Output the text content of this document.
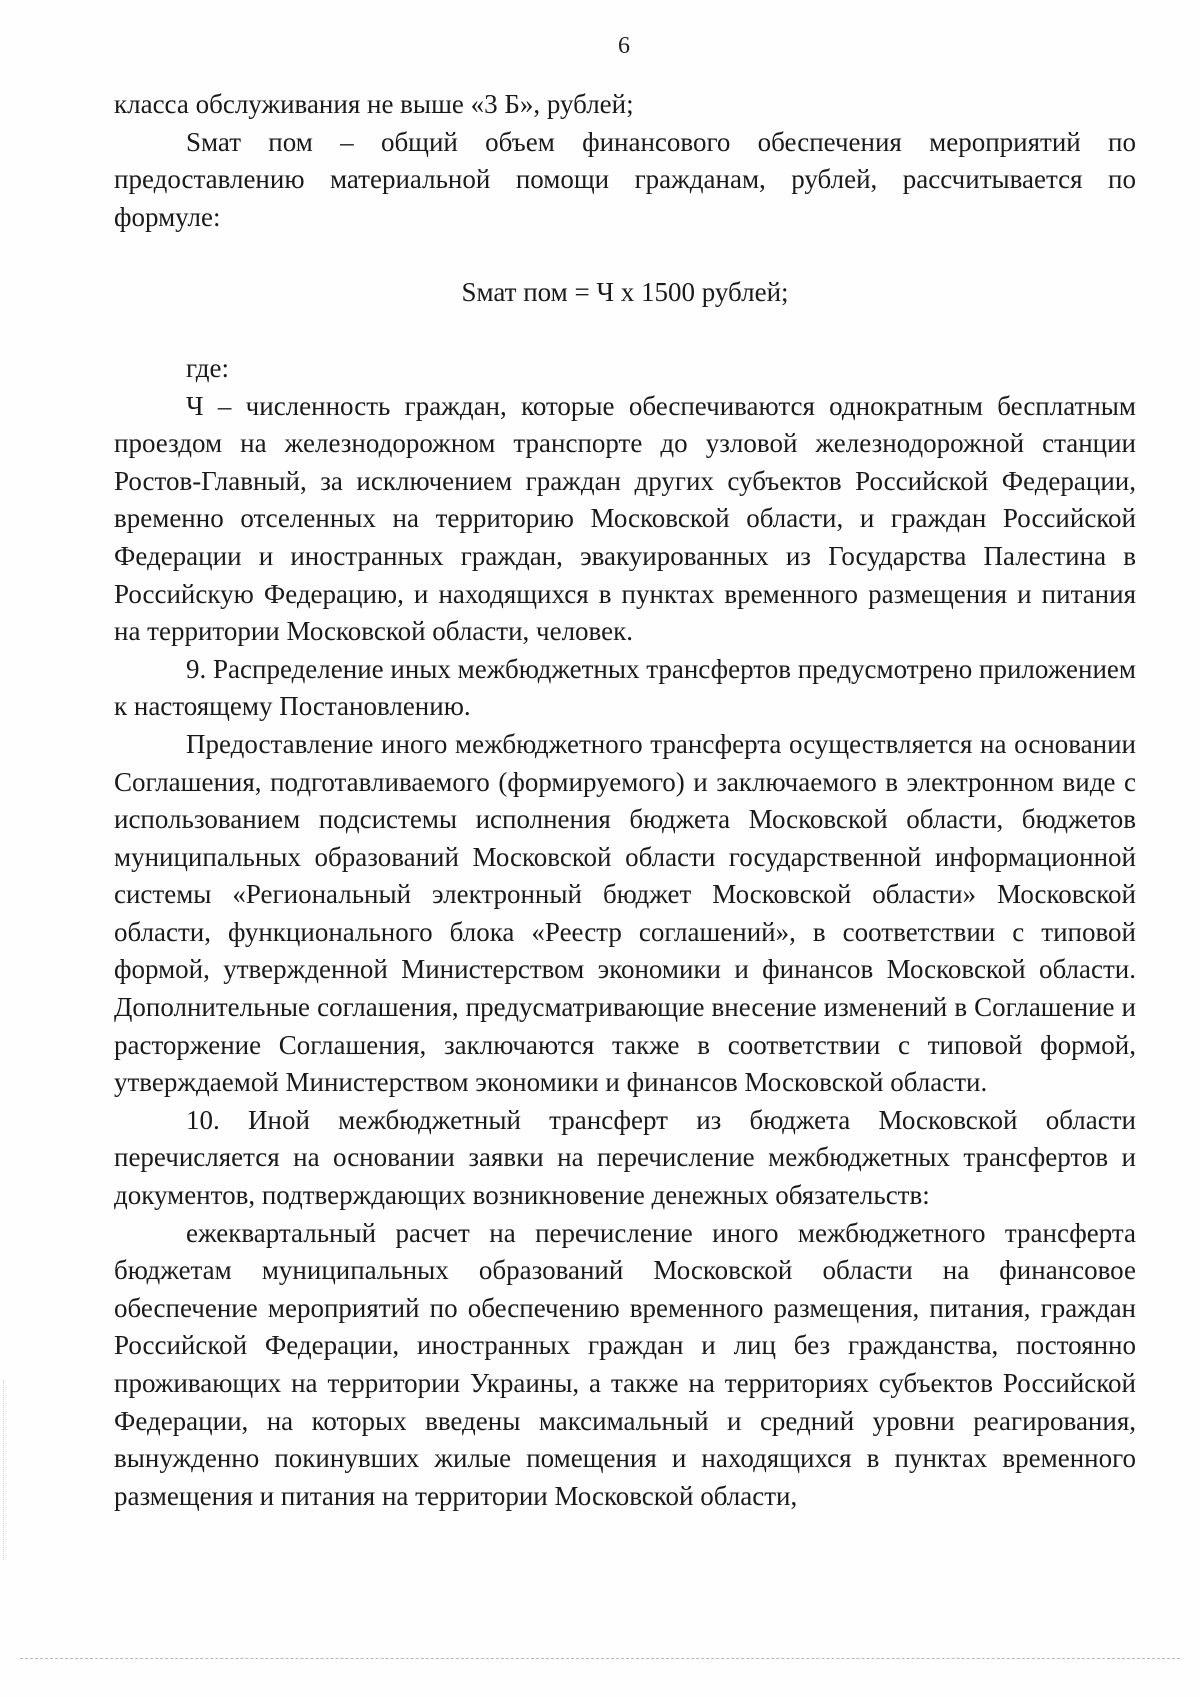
6

класса обслуживания не выше «3 Б», рублей;

Sмат пом – общий объем финансового обеспечения мероприятий по предоставлению материальной помощи гражданам, рублей, рассчитывается по формуле:

Sмат пом = Ч х 1500 рублей;

где:

Ч – численность граждан, которые обеспечиваются однократным бесплатным проездом на железнодорожном транспорте до узловой железнодорожной станции Ростов-Главный, за исключением граждан других субъектов Российской Федерации, временно отселенных на территорию Московской области, и граждан Российской Федерации и иностранных граждан, эвакуированных из Государства Палестина в Российскую Федерацию, и находящихся в пунктах временного размещения и питания на территории Московской области, человек.

9. Распределение иных межбюджетных трансфертов предусмотрено приложением к настоящему Постановлению.

Предоставление иного межбюджетного трансферта осуществляется на основании Соглашения, подготавливаемого (формируемого) и заключаемого в электронном виде с использованием подсистемы исполнения бюджета Московской области, бюджетов муниципальных образований Московской области государственной информационной системы «Региональный электронный бюджет Московской области» Московской области, функционального блока «Реестр соглашений», в соответствии с типовой формой, утвержденной Министерством экономики и финансов Московской области. Дополнительные соглашения, предусматривающие внесение изменений в Соглашение и расторжение Соглашения, заключаются также в соответствии с типовой формой, утверждаемой Министерством экономики и финансов Московской области.

10. Иной межбюджетный трансферт из бюджета Московской области перечисляется на основании заявки на перечисление межбюджетных трансфертов и документов, подтверждающих возникновение денежных обязательств:

ежеквартальный расчет на перечисление иного межбюджетного трансферта бюджетам муниципальных образований Московской области на финансовое обеспечение мероприятий по обеспечению временного размещения, питания, граждан Российской Федерации, иностранных граждан и лиц без гражданства, постоянно проживающих на территории Украины, а также на территориях субъектов Российской Федерации, на которых введены максимальный и средний уровни реагирования, вынужденно покинувших жилые помещения и находящихся в пунктах временного размещения и питания на территории Московской области,
